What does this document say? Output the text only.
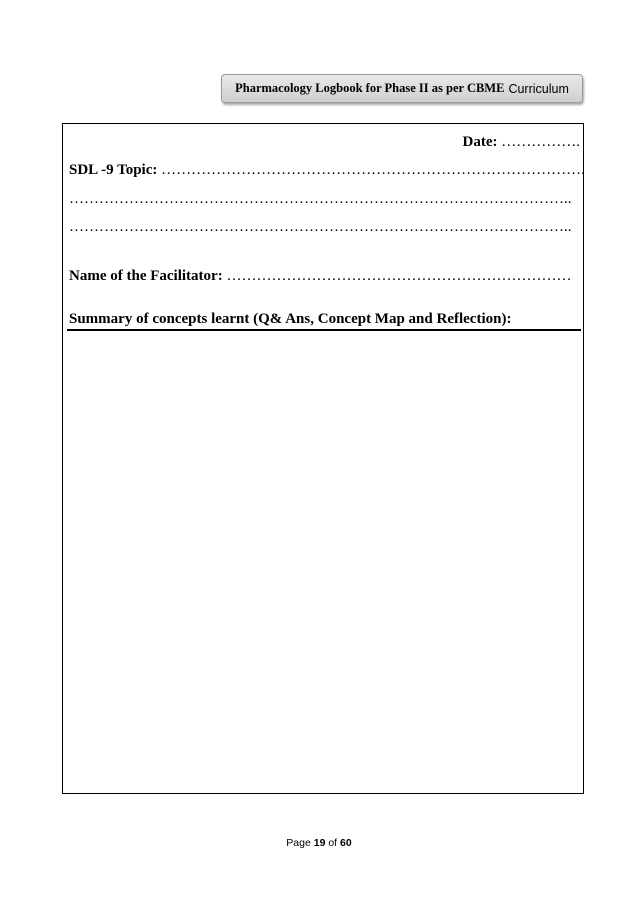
Pharmacology Logbook for Phase II as per CBME Curriculum
Date: …………….
SDL -9 Topic: ………………………………………………………………………….
………………………………………………………………………………………..
………………………………………………………………………………………..
Name of the Facilitator: ……………………………………………………………
Summary of concepts learnt (Q& Ans, Concept Map and Reflection):
Page 19 of 60
